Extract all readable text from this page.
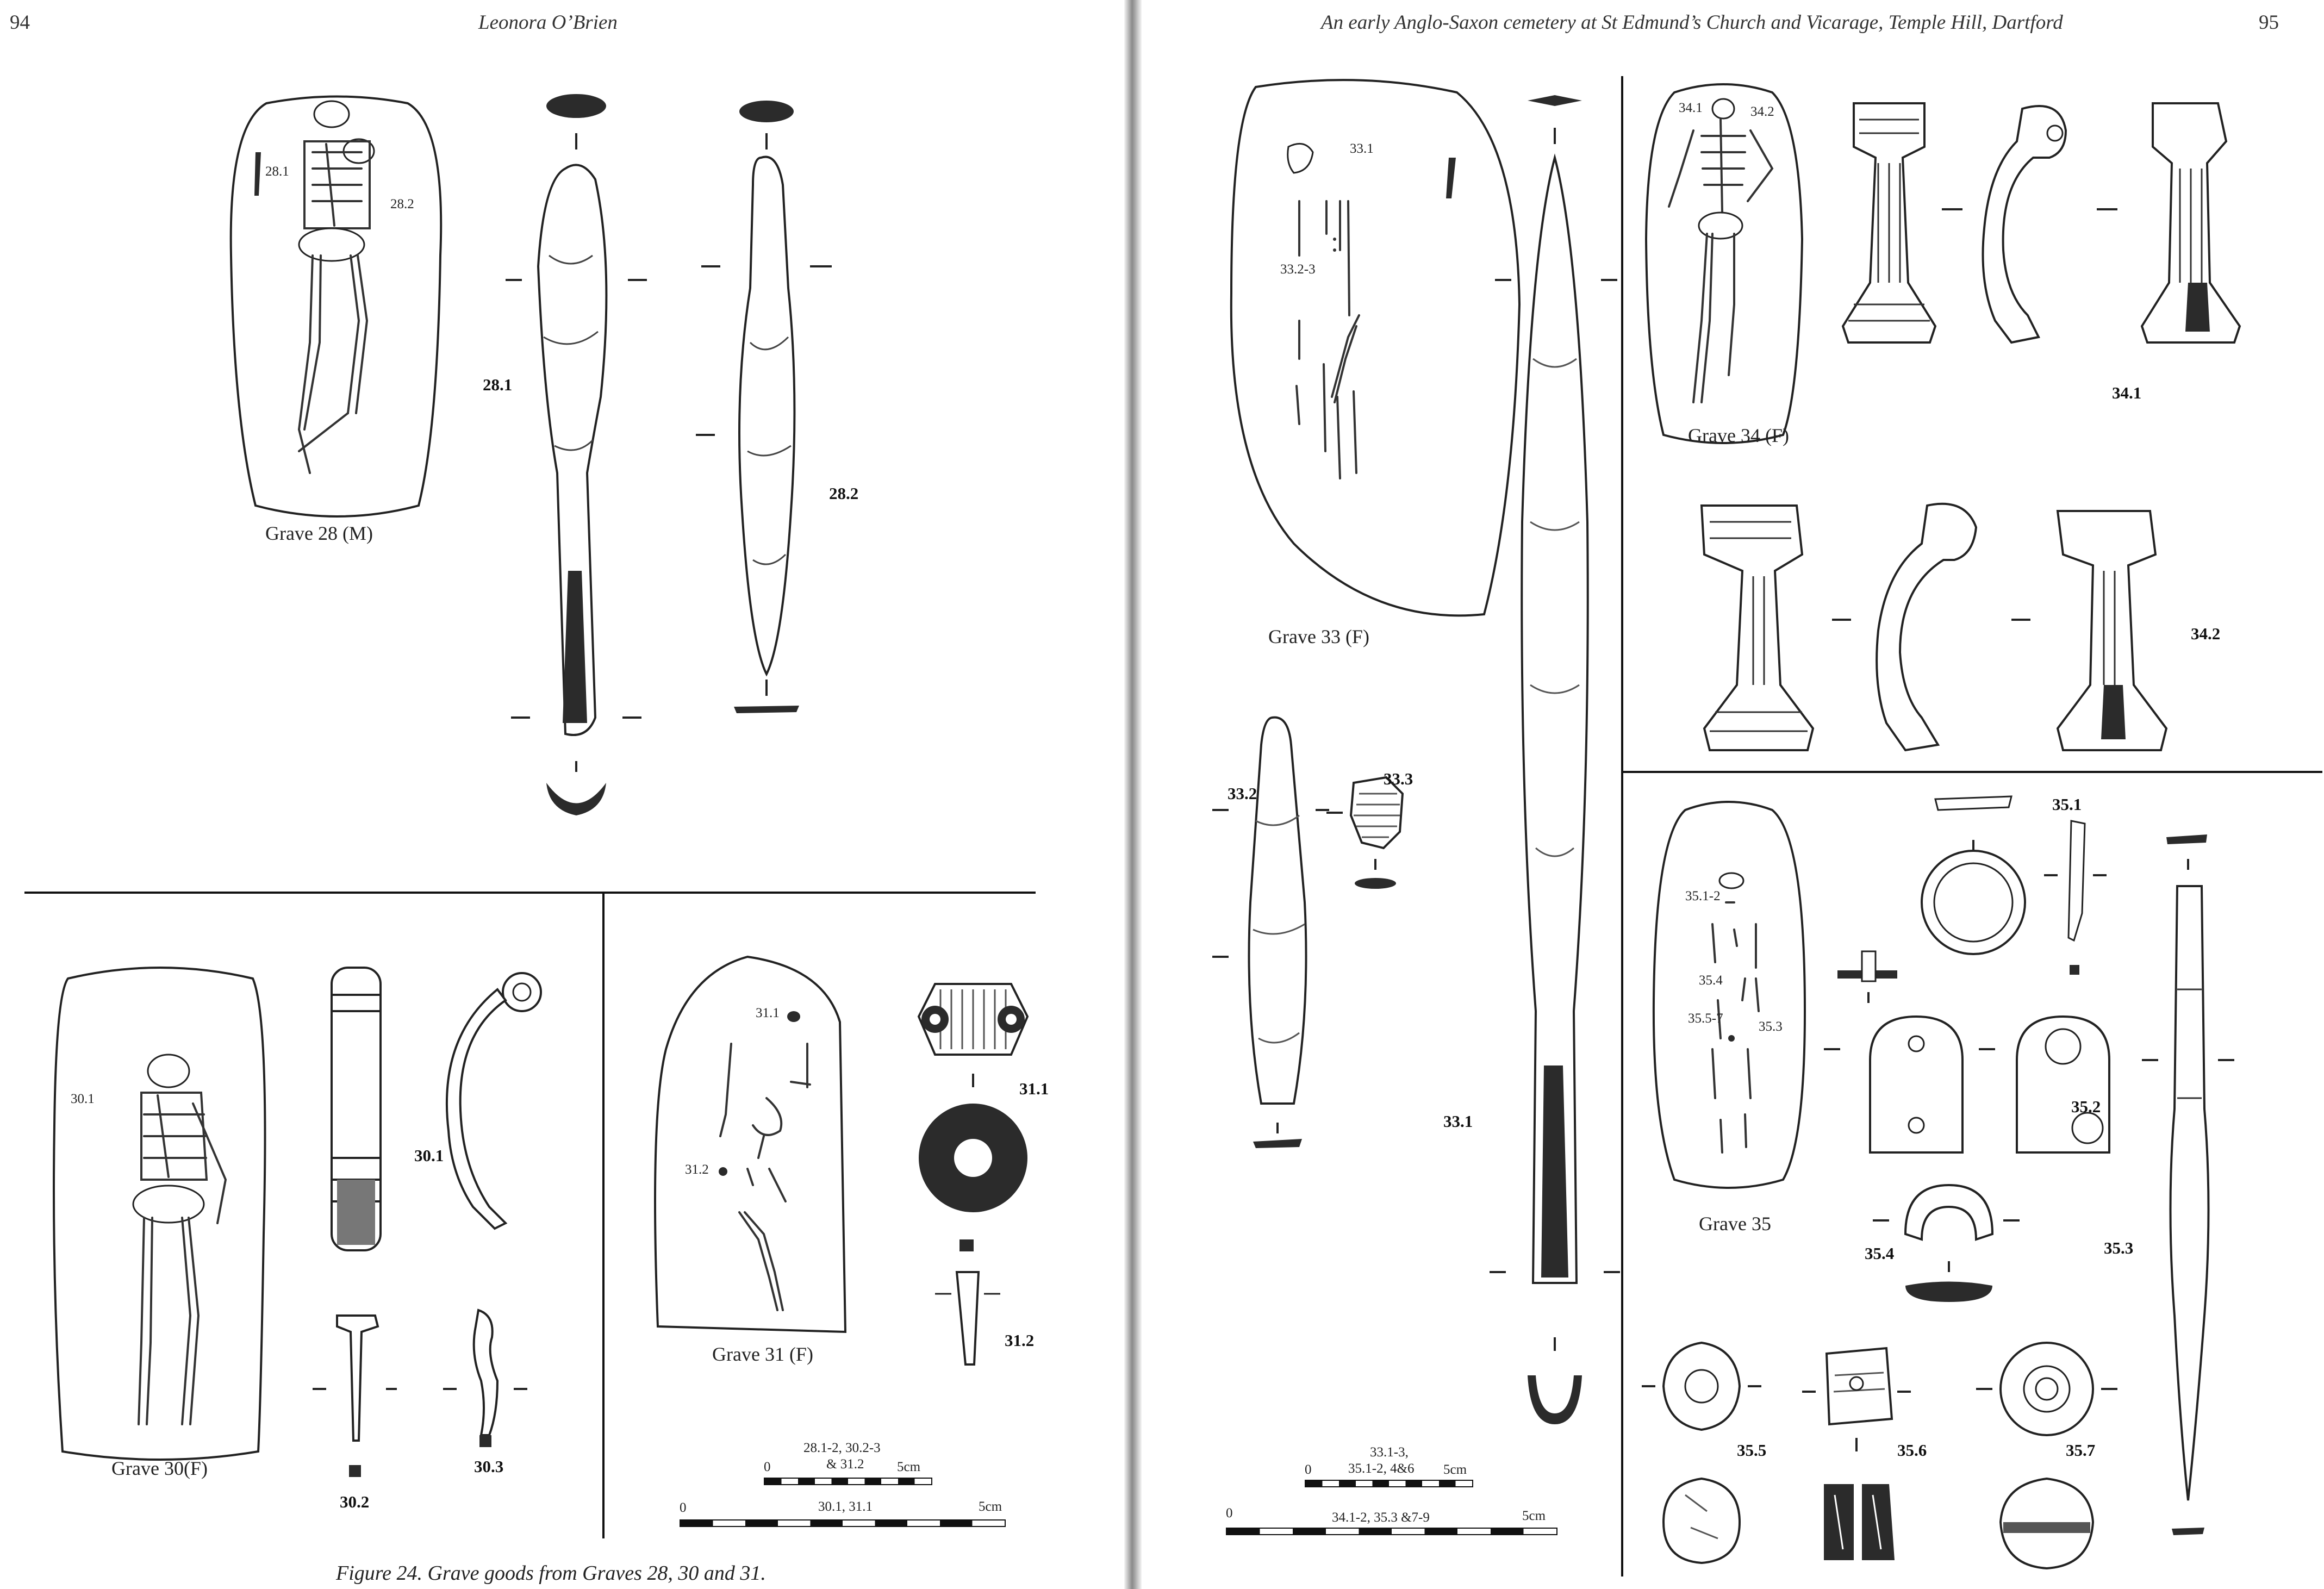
94	Leonora O’Brien
28.1
28.2
Grave 28 (M)
28.1
28.2
30.1
Grave 30(F)
30.1
30.2
30.3
31.1
31.2
Grave 31 (F)
31.1
31.2
28.1-2, 30.2-3
& 31.2
0	5cm
30.1, 31.1
0	5cm
Figure 24. Grave goods from Graves 28, 30 and 31.
An early Anglo-Saxon cemetery at St Edmund’s Church and Vicarage, Temple Hill, Dartford	95
33.1
33.2-3
Grave 33 (F)
33.1
33.2
33.3
34.1	34.2
Grave 34 (F)
34.1
34.2
35.1-2
35.4
35.5-7
35.3
Grave 35
35.1
35.2
35.4	35.3
35.5	35.6	35.7
33.1-3,
35.1-2, 4&6
0	5cm
34.1-2, 35.3 &7-9
0	5cm
